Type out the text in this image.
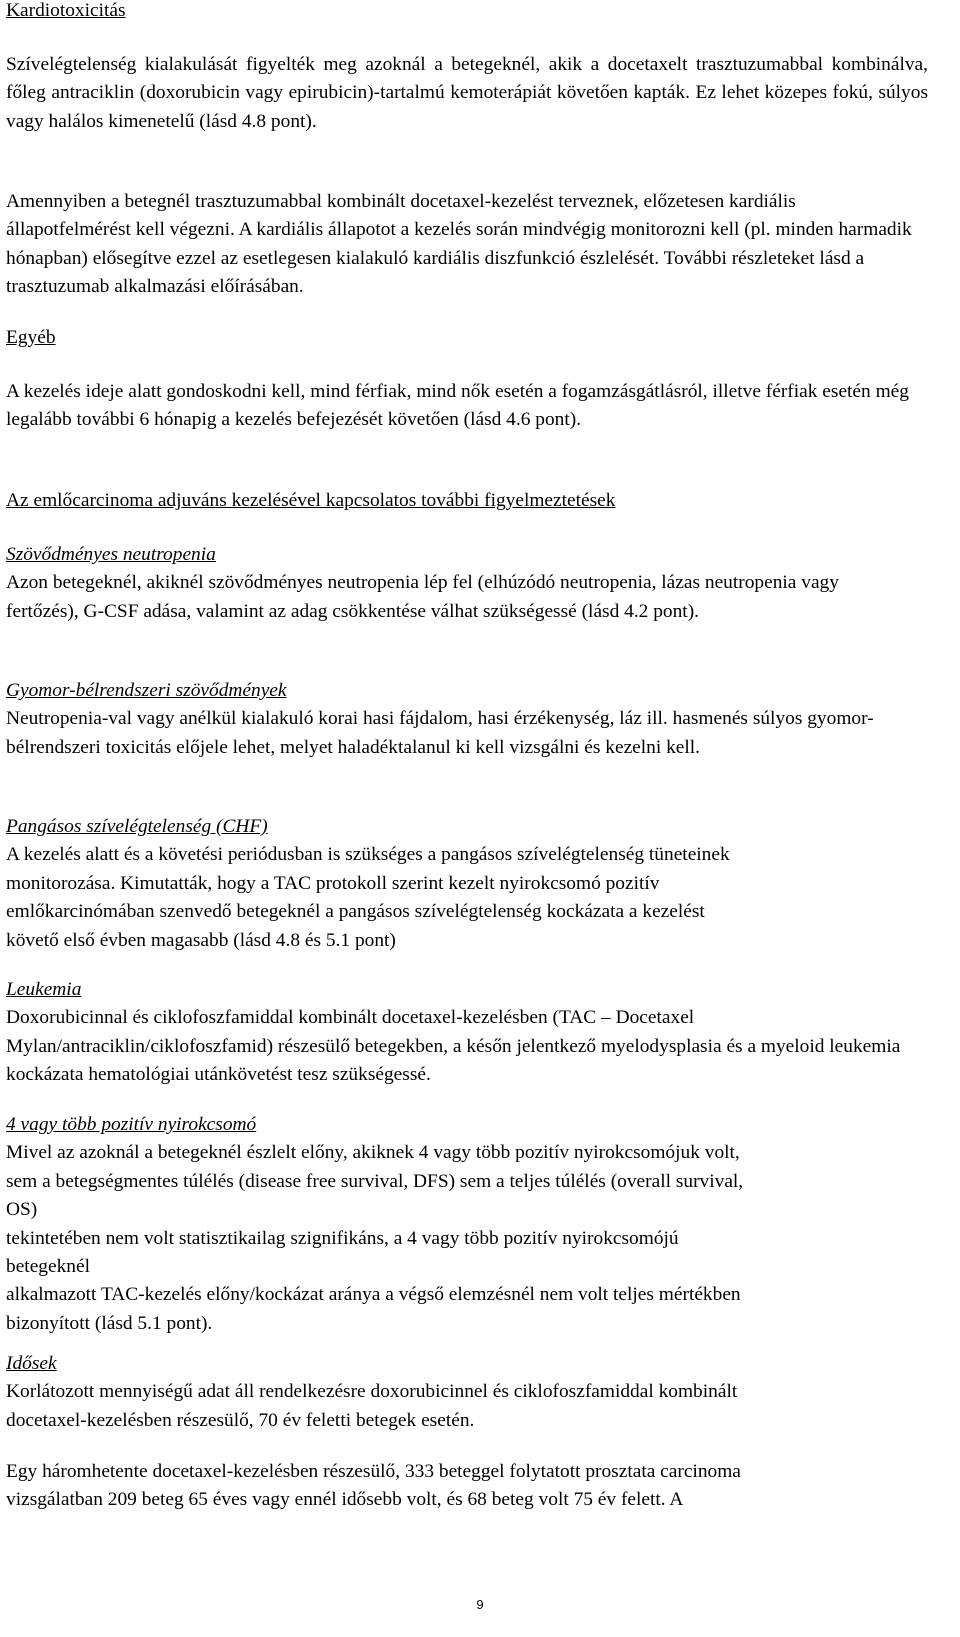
Kardiotoxicitás

Szívelégtelenség kialakulását figyelték meg azoknál a betegeknél, akik a docetaxelt trasztuzumabbal kombinálva, főleg antraciklin (doxorubicin vagy epirubicin)-tartalmú kemoterápiát követően kapták. Ez lehet közepes fokú, súlyos vagy halálos kimenetelű (lásd 4.8 pont).

Amennyiben a betegnél trasztuzumabbal kombinált docetaxel-kezelést terveznek, előzetesen kardiális állapotfelmérést kell végezni. A kardiális állapotot a kezelés során mindvégig monitorozni kell (pl. minden harmadik hónapban) elősegítve ezzel az esetlegesen kialakuló kardiális diszfunkció észlelését. További részleteket lásd a trasztuzumab alkalmazási előírásában.

Egyéb

A kezelés ideje alatt gondoskodni kell, mind férfiak, mind nők esetén a fogamzásgátlásról, illetve férfiak esetén még legalább további 6 hónapig a kezelés befejezését követően (lásd 4.6 pont).

Az emlőcarcinoma adjuváns kezelésével kapcsolatos további figyelmeztetések

Szövődményes neutropenia

Azon betegeknél, akiknél szövődményes neutropenia lép fel (elhúzódó neutropenia, lázas neutropenia vagy fertőzés), G-CSF adása, valamint az adag csökkentése válhat szükségessé (lásd 4.2 pont).

Gyomor-bélrendszeri szövődmények

Neutropenia-val vagy anélkül kialakuló korai hasi fájdalom, hasi érzékenység, láz ill. hasmenés súlyos gyomor-bélrendszeri toxicitás előjele lehet, melyet haladéktalanul ki kell vizsgálni és kezelni kell.

Pangásos szívelégtelenség (CHF)

A kezelés alatt és a követési periódusban is szükséges a pangásos szívelégtelenség tüneteinek

monitorozása. Kimutatták, hogy a TAC protokoll szerint kezelt nyirokcsomó pozitív

emlőkarcinómában szenvedő betegeknél a pangásos szívelégtelenség kockázata a kezelést

követő első évben magasabb (lásd 4.8 és 5.1 pont)

Leukemia

Doxorubicinnal és ciklofoszfamiddal kombinált docetaxel-kezelésben (TAC – Docetaxel Mylan/antraciklin/ciklofoszfamid) részesülő betegekben, a későn jelentkező myelodysplasia és a myeloid leukemia kockázata hematológiai utánkövetést tesz szükségessé.

4 vagy több pozitív nyirokcsomó

Mivel az azoknál a betegeknél észlelt előny, akiknek 4 vagy több pozitív nyirokcsomójuk volt,

sem a betegségmentes túlélés (disease free survival, DFS) sem a teljes túlélés (overall survival,

OS)

tekintetében nem volt statisztikailag szignifikáns, a 4 vagy több pozitív nyirokcsomójú

betegeknél

alkalmazott TAC-kezelés előny/kockázat aránya a végső elemzésnél nem volt teljes mértékben

bizonyított (lásd 5.1 pont).

Idősek

Korlátozott mennyiségű adat áll rendelkezésre doxorubicinnel és ciklofoszfamiddal kombinált

docetaxel-kezelésben részesülő, 70 év feletti betegek esetén.

Egy háromhetente docetaxel-kezelésben részesülő, 333 beteggel folytatott prosztata carcinoma

vizsgálatban 209 beteg 65 éves vagy ennél idősebb volt, és 68 beteg volt 75 év felett. A

9
